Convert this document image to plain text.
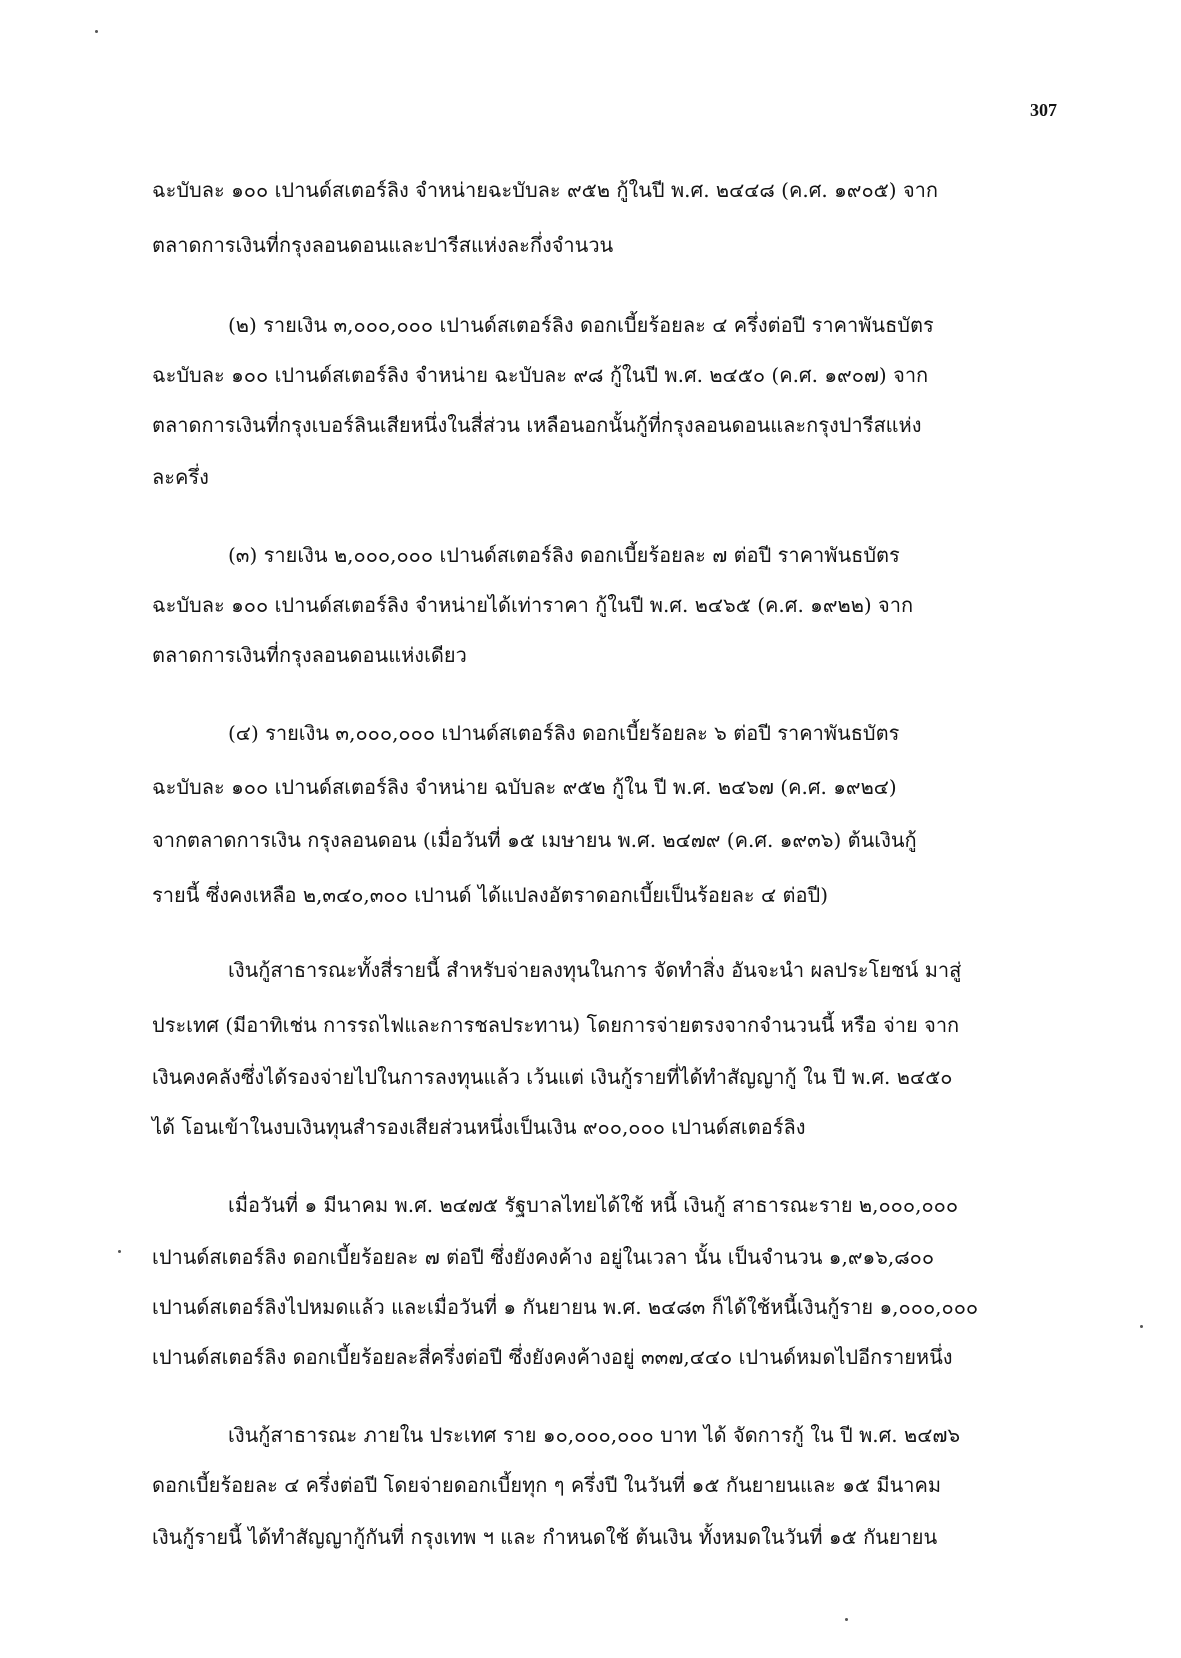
307
ฉะบับละ ๑๐๐ เปานด์สเตอร์ลิง จำหน่ายฉะบับละ ๙๕๒ กู้ในปี พ.ศ. ๒๔๔๘ (ค.ศ. ๑๙๐๕) จาก
ตลาดการเงินที่กรุงลอนดอนและปารีสแห่งละกึ่งจำนวน
(๒) รายเงิน ๓,๐๐๐,๐๐๐ เปานด์สเตอร์ลิง ดอกเบี้ยร้อยละ ๔ ครึ่งต่อปี ราคาพันธบัตร
ฉะบับละ ๑๐๐ เปานด์สเตอร์ลิง จำหน่าย ฉะบับละ ๙๘ กู้ในปี พ.ศ. ๒๔๕๐ (ค.ศ. ๑๙๐๗) จาก
ตลาดการเงินที่กรุงเบอร์ลินเสียหนึ่งในสี่ส่วน เหลือนอกนั้นกู้ที่กรุงลอนดอนและกรุงปารีสแห่ง
ละครึ่ง
(๓) รายเงิน ๒,๐๐๐,๐๐๐ เปานด์สเตอร์ลิง ดอกเบี้ยร้อยละ ๗ ต่อปี ราคาพันธบัตร
ฉะบับละ ๑๐๐ เปานด์สเตอร์ลิง จำหน่ายได้เท่าราคา กู้ในปี พ.ศ. ๒๔๖๕ (ค.ศ. ๑๙๒๒) จาก
ตลาดการเงินที่กรุงลอนดอนแห่งเดียว
(๔) รายเงิน ๓,๐๐๐,๐๐๐ เปานด์สเตอร์ลิง ดอกเบี้ยร้อยละ ๖ ต่อปี ราคาพันธบัตร
ฉะบับละ ๑๐๐ เปานด์สเตอร์ลิง จำหน่าย ฉบับละ ๙๕๒ กู้ใน ปี พ.ศ. ๒๔๖๗ (ค.ศ. ๑๙๒๔)
จากตลาดการเงิน กรุงลอนดอน (เมื่อวันที่ ๑๕ เมษายน พ.ศ. ๒๔๗๙ (ค.ศ. ๑๙๓๖) ต้นเงินกู้
รายนี้ ซึ่งคงเหลือ ๒,๓๔๐,๓๐๐ เปานด์ ได้แปลงอัตราดอกเบี้ยเป็นร้อยละ ๔ ต่อปี)
เงินกู้สาธารณะทั้งสี่รายนี้ สำหรับจ่ายลงทุนในการ จัดทำสิ่ง อันจะนำ ผลประโยชน์ มาสู่
ประเทศ (มีอาทิเช่น การรถไฟและการชลประทาน) โดยการจ่ายตรงจากจำนวนนี้ หรือ จ่าย จาก
เงินคงคลังซึ่งได้รองจ่ายไปในการลงทุนแล้ว เว้นแต่ เงินกู้รายที่ได้ทำสัญญากู้ ใน ปี พ.ศ. ๒๔๕๐
ได้ โอนเข้าในงบเงินทุนสำรองเสียส่วนหนึ่งเป็นเงิน ๙๐๐,๐๐๐ เปานด์สเตอร์ลิง
เมื่อวันที่ ๑ มีนาคม พ.ศ. ๒๔๗๕ รัฐบาลไทยได้ใช้ หนี้ เงินกู้ สาธารณะราย ๒,๐๐๐,๐๐๐
เปานด์สเตอร์ลิง ดอกเบี้ยร้อยละ ๗ ต่อปี ซึ่งยังคงค้าง อยู่ในเวลา นั้น เป็นจำนวน ๑,๙๑๖,๘๐๐
เปานด์สเตอร์ลิงไปหมดแล้ว และเมื่อวันที่ ๑ กันยายน พ.ศ. ๒๔๘๓ ก็ได้ใช้หนี้เงินกู้ราย ๑,๐๐๐,๐๐๐
เปานด์สเตอร์ลิง ดอกเบี้ยร้อยละสี่ครึ่งต่อปี ซึ่งยังคงค้างอยู่ ๓๓๗,๔๔๐ เปานด์หมดไปอีกรายหนึ่ง
เงินกู้สาธารณะ ภายใน ประเทศ ราย ๑๐,๐๐๐,๐๐๐ บาท ได้ จัดการกู้ ใน ปี พ.ศ. ๒๔๗๖
ดอกเบี้ยร้อยละ ๔ ครึ่งต่อปี โดยจ่ายดอกเบี้ยทุก ๆ ครึ่งปี ในวันที่ ๑๕ กันยายนและ ๑๕ มีนาคม
เงินกู้รายนี้ ได้ทำสัญญากู้กันที่ กรุงเทพ ฯ และ กำหนดใช้ ต้นเงิน ทั้งหมดในวันที่ ๑๕ กันยายน
